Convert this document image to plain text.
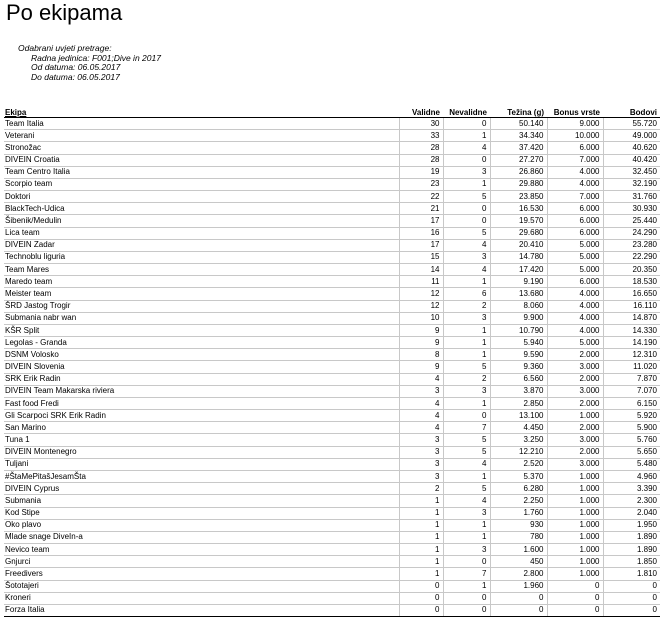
Po ekipama
Odabrani uvjeti pretrage:
Radna jedinica: F001;Dive in 2017
Od datuma: 06.05.2017
Do datuma: 06.05.2017
Ekipa	Validne	Nevalidne	Težina (g)	Bonus vrste	Bodovi
Team Italia	30	0	50.140	9.000	55.720
Veterani	33	1	34.340	10.000	49.000
Stronožac	28	4	37.420	6.000	40.620
DIVEIN Croatia	28	0	27.270	7.000	40.420
Team Centro Italia	19	3	26.860	4.000	32.450
Scorpio team	23	1	29.880	4.000	32.190
Doktori	22	5	23.850	7.000	31.760
BlackTech-Udica	21	0	16.530	6.000	30.930
Šibenik/Medulin	17	0	19.570	6.000	25.440
Lica team	16	5	29.680	6.000	24.290
DIVEIN Zadar	17	4	20.410	5.000	23.280
Technoblu liguria	15	3	14.780	5.000	22.290
Team Mares	14	4	17.420	5.000	20.350
Maredo team	11	1	9.190	6.000	18.530
Meister team	12	6	13.680	4.000	16.650
ŠRD Jastog Trogir	12	2	8.060	4.000	16.110
Submania nabr wan	10	3	9.900	4.000	14.870
KŠR Split	9	1	10.790	4.000	14.330
Legolas - Granda	9	1	5.940	5.000	14.190
DSNM Volosko	8	1	9.590	2.000	12.310
DIVEIN Slovenia	9	5	9.360	3.000	11.020
SRK Erik Radin	4	2	6.560	2.000	7.870
DIVEIN Team Makarska riviera	3	3	3.870	3.000	7.070
Fast food Fredi	4	1	2.850	2.000	6.150
Gli Scarpoci SRK Erik Radin	4	0	13.100	1.000	5.920
San Marino	4	7	4.450	2.000	5.900
Tuna 1	3	5	3.250	3.000	5.760
DIVEIN Montenegro	3	5	12.210	2.000	5.650
Tuljani	3	4	2.520	3.000	5.480
#ŠtaMePitašJesamŠta	3	1	5.370	1.000	4.960
DIVEIN Cyprus	2	5	6.280	1.000	3.390
Submania	1	4	2.250	1.000	2.300
Kod Stipe	1	3	1.760	1.000	2.040
Oko plavo	1	1	930	1.000	1.950
Mlade snage DiveIn-a	1	1	780	1.000	1.890
Nevico team	1	3	1.600	1.000	1.890
Gnjurci	1	0	450	1.000	1.850
Freedivers	1	7	2.800	1.000	1.810
Šototajeri	0	1	1.960	0	0
Kroneri	0	0	0	0	0
Forza Italia	0	0	0	0	0
